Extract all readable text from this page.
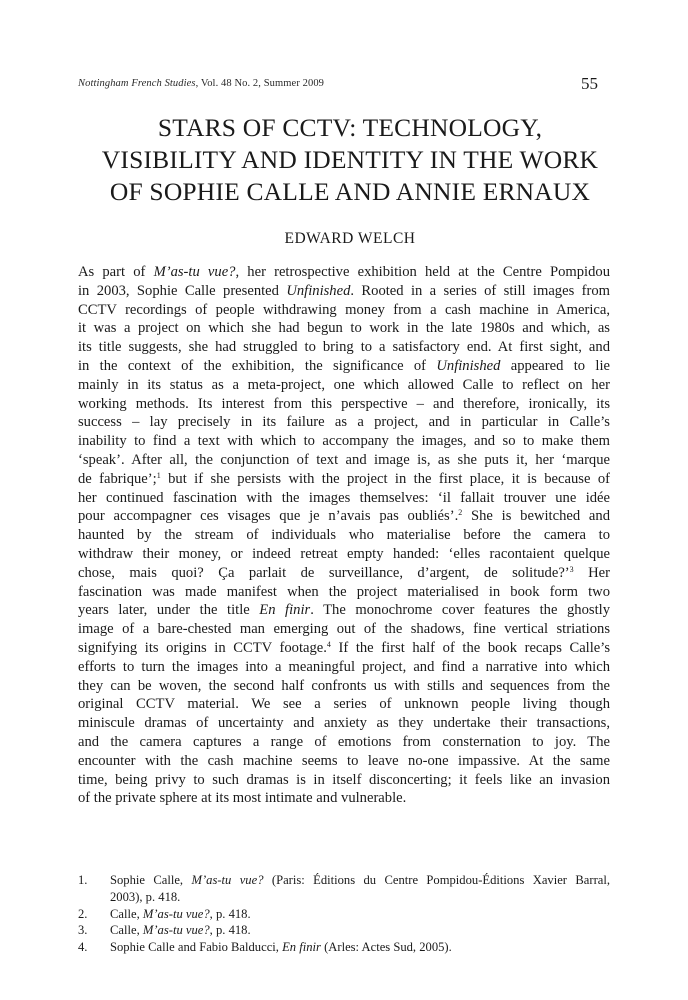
Nottingham French Studies, Vol. 48 No. 2, Summer 2009	55
STARS OF CCTV: TECHNOLOGY,
VISIBILITY AND IDENTITY IN THE WORK
OF SOPHIE CALLE AND ANNIE ERNAUX
EDWARD WELCH
As part of M’as-tu vue?, her retrospective exhibition held at the Centre Pompidou
in 2003, Sophie Calle presented Unfinished. Rooted in a series of still images from
CCTV recordings of people withdrawing money from a cash machine in America,
it was a project on which she had begun to work in the late 1980s and which, as
its title suggests, she had struggled to bring to a satisfactory end. At first sight, and
in the context of the exhibition, the significance of Unfinished appeared to lie
mainly in its status as a meta-project, one which allowed Calle to reflect on her
working methods. Its interest from this perspective – and therefore, ironically, its
success – lay precisely in its failure as a project, and in particular in Calle’s
inability to find a text with which to accompany the images, and so to make them
‘speak’. After all, the conjunction of text and image is, as she puts it, her ‘marque
de fabrique’;$^1$ but if she persists with the project in the first place, it is because of
her continued fascination with the images themselves: ‘il fallait trouver une idée
pour accompagner ces visages que je n’avais pas oubliés’.$^2$ She is bewitched and
haunted by the stream of individuals who materialise before the camera to
withdraw their money, or indeed retreat empty handed: ‘elles racontaient quelque
chose, mais quoi? Ça parlait de surveillance, d’argent, de solitude?’$^3$ Her
fascination was made manifest when the project materialised in book form two
years later, under the title En finir. The monochrome cover features the ghostly
image of a bare-chested man emerging out of the shadows, fine vertical striations
signifying its origins in CCTV footage.$^4$ If the first half of the book recaps Calle’s
efforts to turn the images into a meaningful project, and find a narrative into which
they can be woven, the second half confronts us with stills and sequences from the
original CCTV material. We see a series of unknown people living though
miniscule dramas of uncertainty and anxiety as they undertake their transactions,
and the camera captures a range of emotions from consternation to joy. The
encounter with the cash machine seems to leave no-one impassive. At the same
time, being privy to such dramas is in itself disconcerting; it feels like an invasion
of the private sphere at its most intimate and vulnerable.
1. Sophie Calle, M’as-tu vue? (Paris: Éditions du Centre Pompidou-Éditions Xavier Barral,
2003), p. 418.
2. Calle, M’as-tu vue?, p. 418.
3. Calle, M’as-tu vue?, p. 418.
4. Sophie Calle and Fabio Balducci, En finir (Arles: Actes Sud, 2005).
